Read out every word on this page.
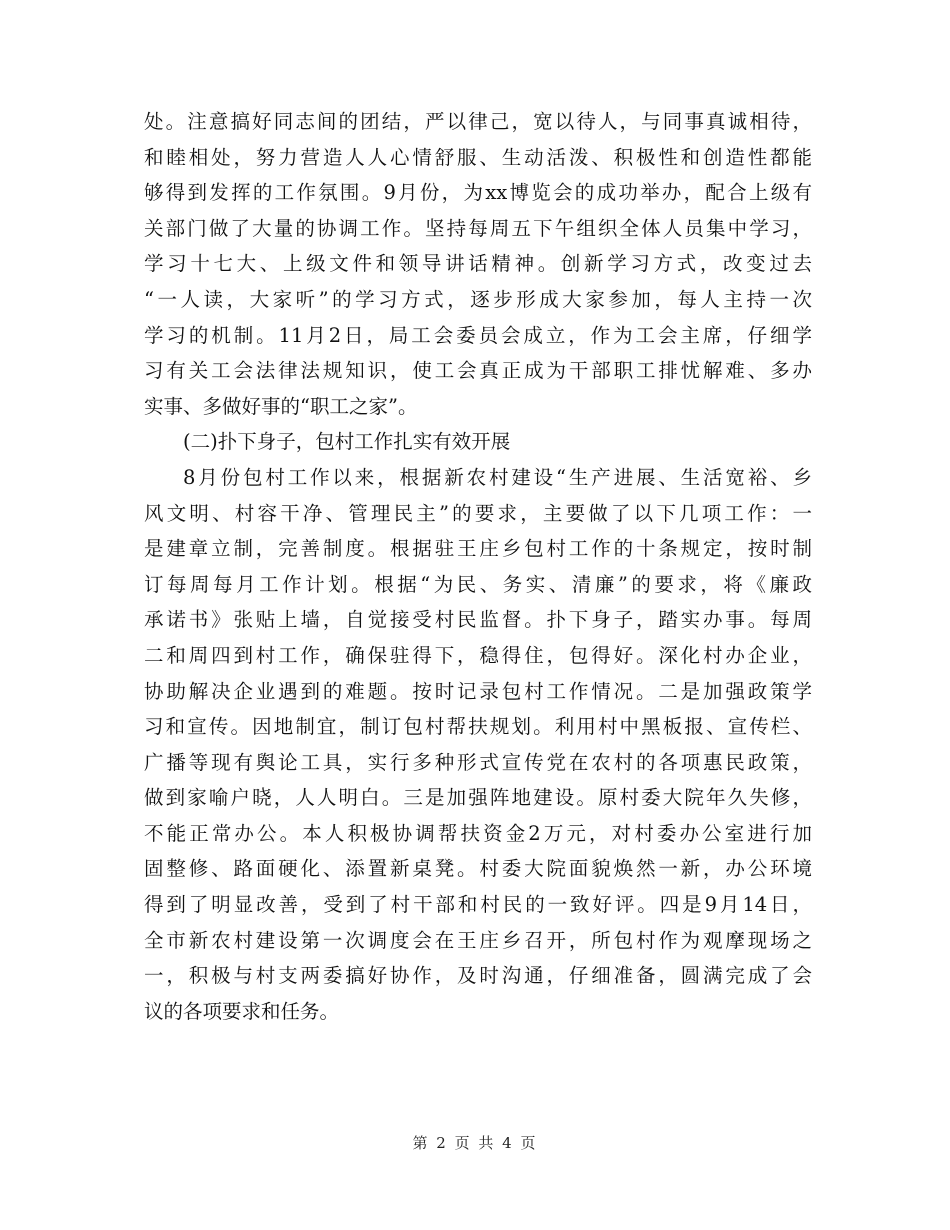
处。注意搞好同志间的团结，严以律己，宽以待人，与同事真诚相待，
和睦相处，努力营造人人心情舒服、生动活泼、积极性和创造性都能
够得到发挥的工作氛围。9月份，为xx博览会的成功举办，配合上级有
关部门做了大量的协调工作。坚持每周五下午组织全体人员集中学习，
学习十七大、上级文件和领导讲话精神。创新学习方式，改变过去
“一人读，大家听”的学习方式，逐步形成大家参加，每人主持一次
学习的机制。11月2日，局工会委员会成立，作为工会主席，仔细学
习有关工会法律法规知识，使工会真正成为干部职工排忧解难、多办
实事、多做好事的“职工之家”。
(二)扑下身子，包村工作扎实有效开展
8月份包村工作以来，根据新农村建设“生产进展、生活宽裕、乡
风文明、村容干净、管理民主”的要求，主要做了以下几项工作：一
是建章立制，完善制度。根据驻王庄乡包村工作的十条规定，按时制
订每周每月工作计划。根据“为民、务实、清廉”的要求，将《廉政
承诺书》张贴上墙，自觉接受村民监督。扑下身子，踏实办事。每周
二和周四到村工作，确保驻得下，稳得住，包得好。深化村办企业，
协助解决企业遇到的难题。按时记录包村工作情况。二是加强政策学
习和宣传。因地制宜，制订包村帮扶规划。利用村中黑板报、宣传栏、
广播等现有舆论工具，实行多种形式宣传党在农村的各项惠民政策，
做到家喻户晓，人人明白。三是加强阵地建设。原村委大院年久失修，
不能正常办公。本人积极协调帮扶资金2万元，对村委办公室进行加
固整修、路面硬化、添置新桌凳。村委大院面貌焕然一新，办公环境
得到了明显改善，受到了村干部和村民的一致好评。四是9月14日，
全市新农村建设第一次调度会在王庄乡召开，所包村作为观摩现场之
一，积极与村支两委搞好协作，及时沟通，仔细准备，圆满完成了会
议的各项要求和任务。
第 2 页 共 4 页
